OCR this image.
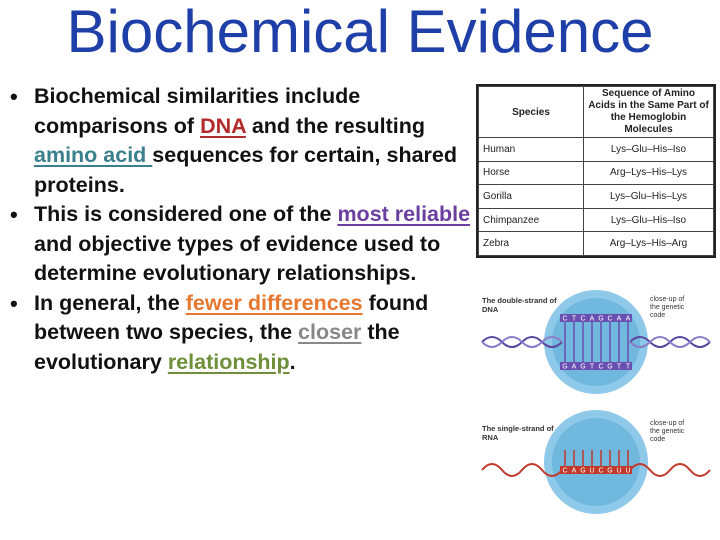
Biochemical Evidence
• Biochemical similarities include comparisons of DNA and the resulting amino acid sequences for certain, shared proteins.
• This is considered one of the most reliable and objective types of evidence used to determine evolutionary relationships.
• In general, the fewer differences found between two species, the closer the evolutionary relationship.
Species	Sequence of Amino Acids in the Same Part of the Hemoglobin Molecules
Human	Lys–Glu–His–Iso
Horse	Arg–Lys–His–Lys
Gorilla	Lys–Glu–His–Lys
Chimpanzee	Lys–Glu–His–Iso
Zebra	Arg–Lys–His–Arg
The double-strand of DNA
close-up of the genetic code
C T C A G C A A
G A G T C G T T
The single-strand of RNA
close-up of the genetic code
C A G U C G U U
